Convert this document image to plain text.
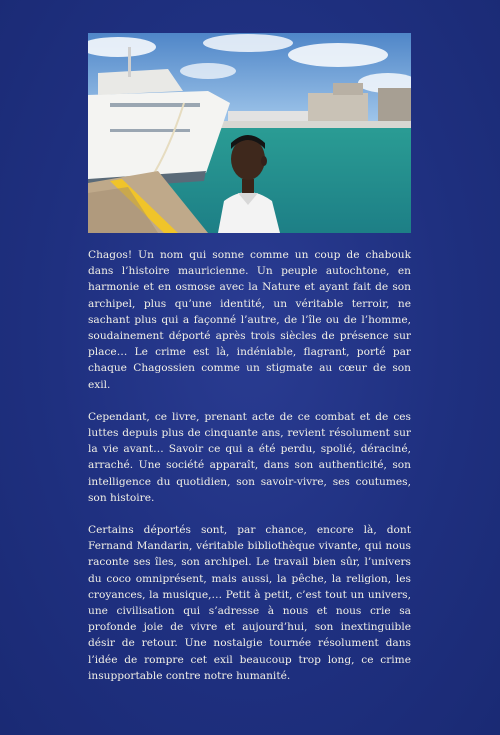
Chagos! Un nom qui sonne comme un coup de chabouk dans l’histoire mauricienne. Un peuple autochtone, en harmonie et en osmose avec la Nature et ayant fait de son archipel, plus qu’une identité, un véritable terroir, ne sachant plus qui a façonné l’autre, de l’île ou de l’homme, soudainement déporté après trois siècles de présence sur place… Le crime est là, indéniable, flagrant, porté par chaque Chagossien comme un stigmate au cœur de son exil.

Cependant, ce livre, prenant acte de ce combat et de ces luttes depuis plus de cinquante ans, revient résolument sur la vie avant… Savoir ce qui a été perdu, spolié, déraciné, arraché. Une société apparaît, dans son authenticité, son intelligence du quotidien, son savoir-vivre, ses coutumes, son histoire.

Certains déportés sont, par chance, encore là, dont Fernand Mandarin, véritable bibliothèque vivante, qui nous raconte ses îles, son archipel. Le travail bien sûr, l’univers du coco omniprésent, mais aussi, la pêche, la religion, les croyances, la musique,… Petit à petit, c’est tout un univers, une civilisation qui s’adresse à nous et nous crie sa profonde joie de vivre et aujourd’hui, son inextinguible désir de retour. Une nostalgie tournée résolument dans l’idée de rompre cet exil beaucoup trop long, ce crime insupportable contre notre humanité.
